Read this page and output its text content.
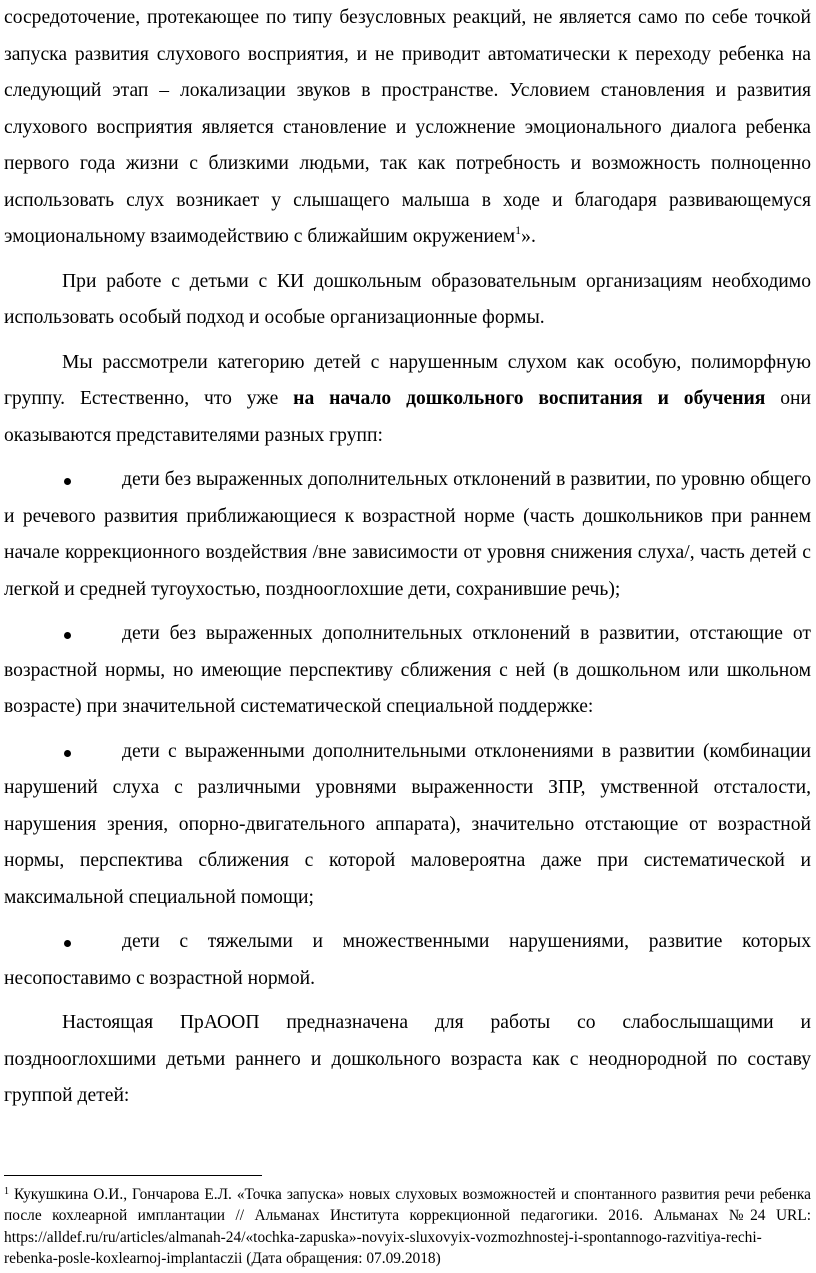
сосредоточение, протекающее по типу безусловных реакций, не является само по себе точкой запуска развития слухового восприятия, и не приводит автоматически к переходу ребенка на следующий этап – локализации звуков в пространстве. Условием становления и развития слухового восприятия является становление и усложнение эмоционального диалога ребенка первого года жизни с близкими людьми, так как потребность и возможность полноценно использовать слух возникает у слышащего малыша в ходе и благодаря развивающемуся эмоциональному взаимодействию с ближайшим окружением$^1$».

При работе с детьми с КИ дошкольным образовательным организациям необходимо использовать особый подход и особые организационные формы.

Мы рассмотрели категорию детей с нарушенным слухом как особую, полиморфную группу. Естественно, что уже на начало дошкольного воспитания и обучения они оказываются представителями разных групп:

дети без выраженных дополнительных отклонений в развитии, по уровню общего и речевого развития приближающиеся к возрастной норме (часть дошкольников при раннем начале коррекционного воздействия /вне зависимости от уровня снижения слуха/, часть детей с легкой и средней тугоухостью, позднооглохшие дети, сохранившие речь);

дети без выраженных дополнительных отклонений в развитии, отстающие от возрастной нормы, но имеющие перспективу сближения с ней (в дошкольном или школьном возрасте) при значительной систематической специальной поддержке:

дети с выраженными дополнительными отклонениями в развитии (комбинации нарушений слуха с различными уровнями выраженности ЗПР, умственной отсталости, нарушения зрения, опорно-двигательного аппарата), значительно отстающие от возрастной нормы, перспектива сближения с которой маловероятна даже при систематической и максимальной специальной помощи;

дети с тяжелыми и множественными нарушениями, развитие которых несопоставимо с возрастной нормой.

Настоящая ПрАООП предназначена для работы со слабослышащими и позднооглохшими детьми раннего и дошкольного возраста как с неоднородной по составу группой детей:

$^1$ Кукушкина О.И., Гончарова Е.Л. «Точка запуска» новых слуховых возможностей и спонтанного развития речи ребенка после кохлеарной имплантации // Альманах Института коррекционной педагогики. 2016. Альманах №24 URL: https://alldef.ru/ru/articles/almanah-24/«tochka-zapuska»-novyix-sluxovyix-vozmozhnostej-i-spontannogo-razvitiya-rechi-rebenka-posle-koxlearnoj-implantaczii (Дата обращения: 07.09.2018)
